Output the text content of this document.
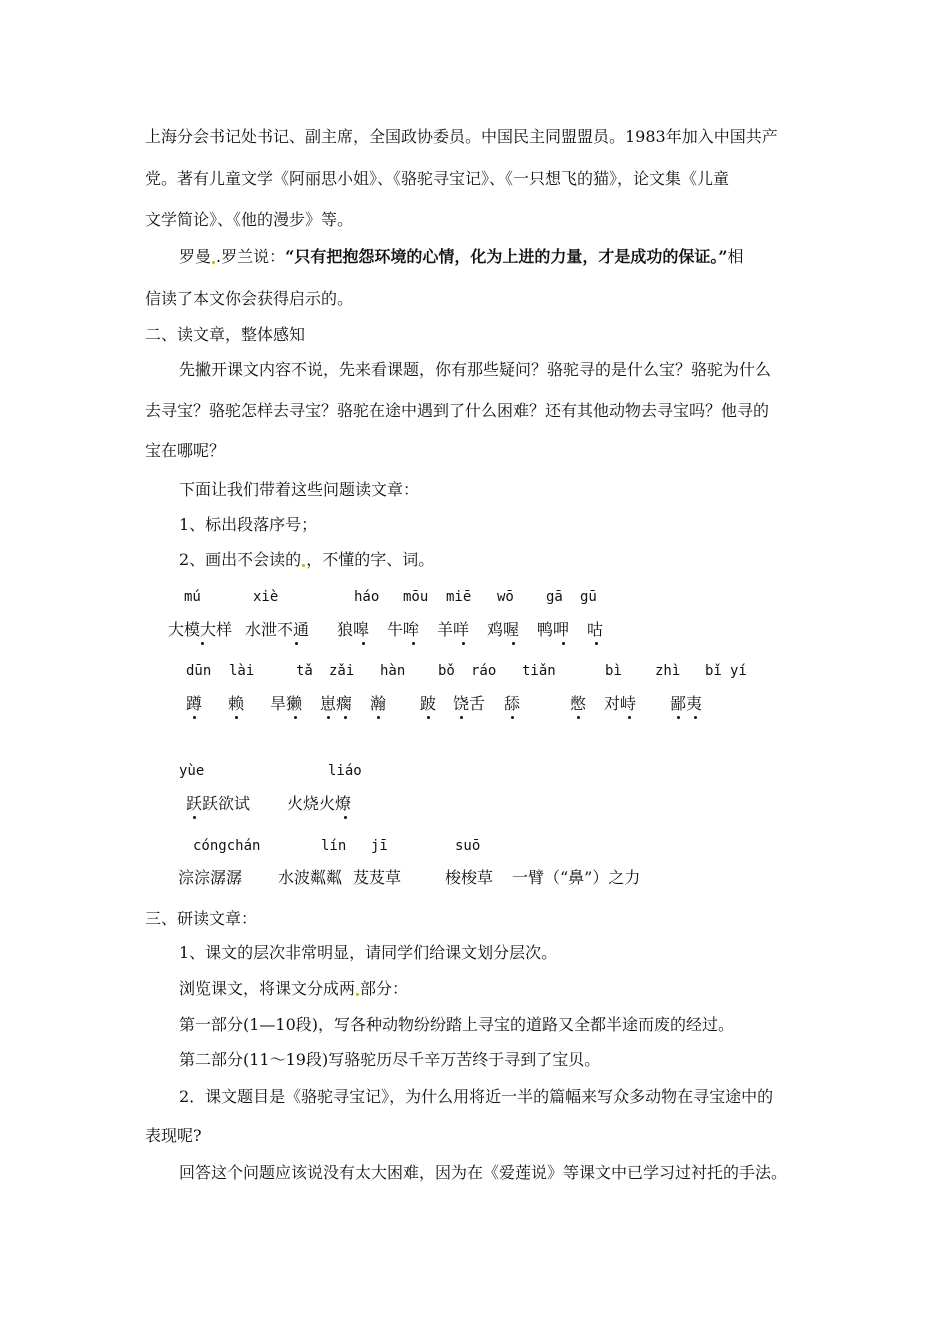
上海分会书记处书记、副主席，全国政协委员。中国民主同盟盟员。1983年加入中国共产
党。著有儿童文学《阿丽思小姐》、《骆驼寻宝记》、《一只想飞的猫》，论文集《儿童
文学简论》、《他的漫步》等。
罗曼 .罗兰说：“只有把抱怨环境的心情，化为上进的力量，才是成功的保证。”相
信读了本文你会获得启示的。
二、读文章，整体感知
先撇开课文内容不说，先来看课题，你有那些疑问？骆驼寻的是什么宝？骆驼为什么
去寻宝？骆驼怎样去寻宝？骆驼在途中遇到了什么困难？还有其他动物去寻宝吗？他寻的
宝在哪呢？
下面让我们带着这些问题读文章：
1、标出段落序号；
2、画出不会读的 ，不懂的字、词。
mú	xiè	háo mōu miē wō gā gū
大模大样 水泄不通 狼嗥 牛哞 羊咩 鸡喔 鸭呷 咕
dūn lài	tǎ zǎi hàn bǒ ráo tiǎn	bì zhì bǐ yí
蹲 赖 旱獭 崽瘸 瀚 跛 饶舌 舔	憋 对峙 鄙夷
yùe	liáo
跃跃欲试 火烧火燎
cóngchán	lín jī	suō
淙淙潺潺 水波粼粼 芨芨草	梭梭草 一臂（“鼻”）之力
三、研读文章：
1、课文的层次非常明显，请同学们给课文划分层次。
浏览课文，将课文分成两 部分：
第一部分(1—10段)，写各种动物纷纷踏上寻宝的道路又全都半途而废的经过。
第二部分(11～19段)写骆驼历尽千辛万苦终于寻到了宝贝。
2．课文题目是《骆驼寻宝记》，为什么用将近一半的篇幅来写众多动物在寻宝途中的
表现呢?
回答这个问题应该说没有太大困难，因为在《爱莲说》等课文中已学习过衬托的手法。
